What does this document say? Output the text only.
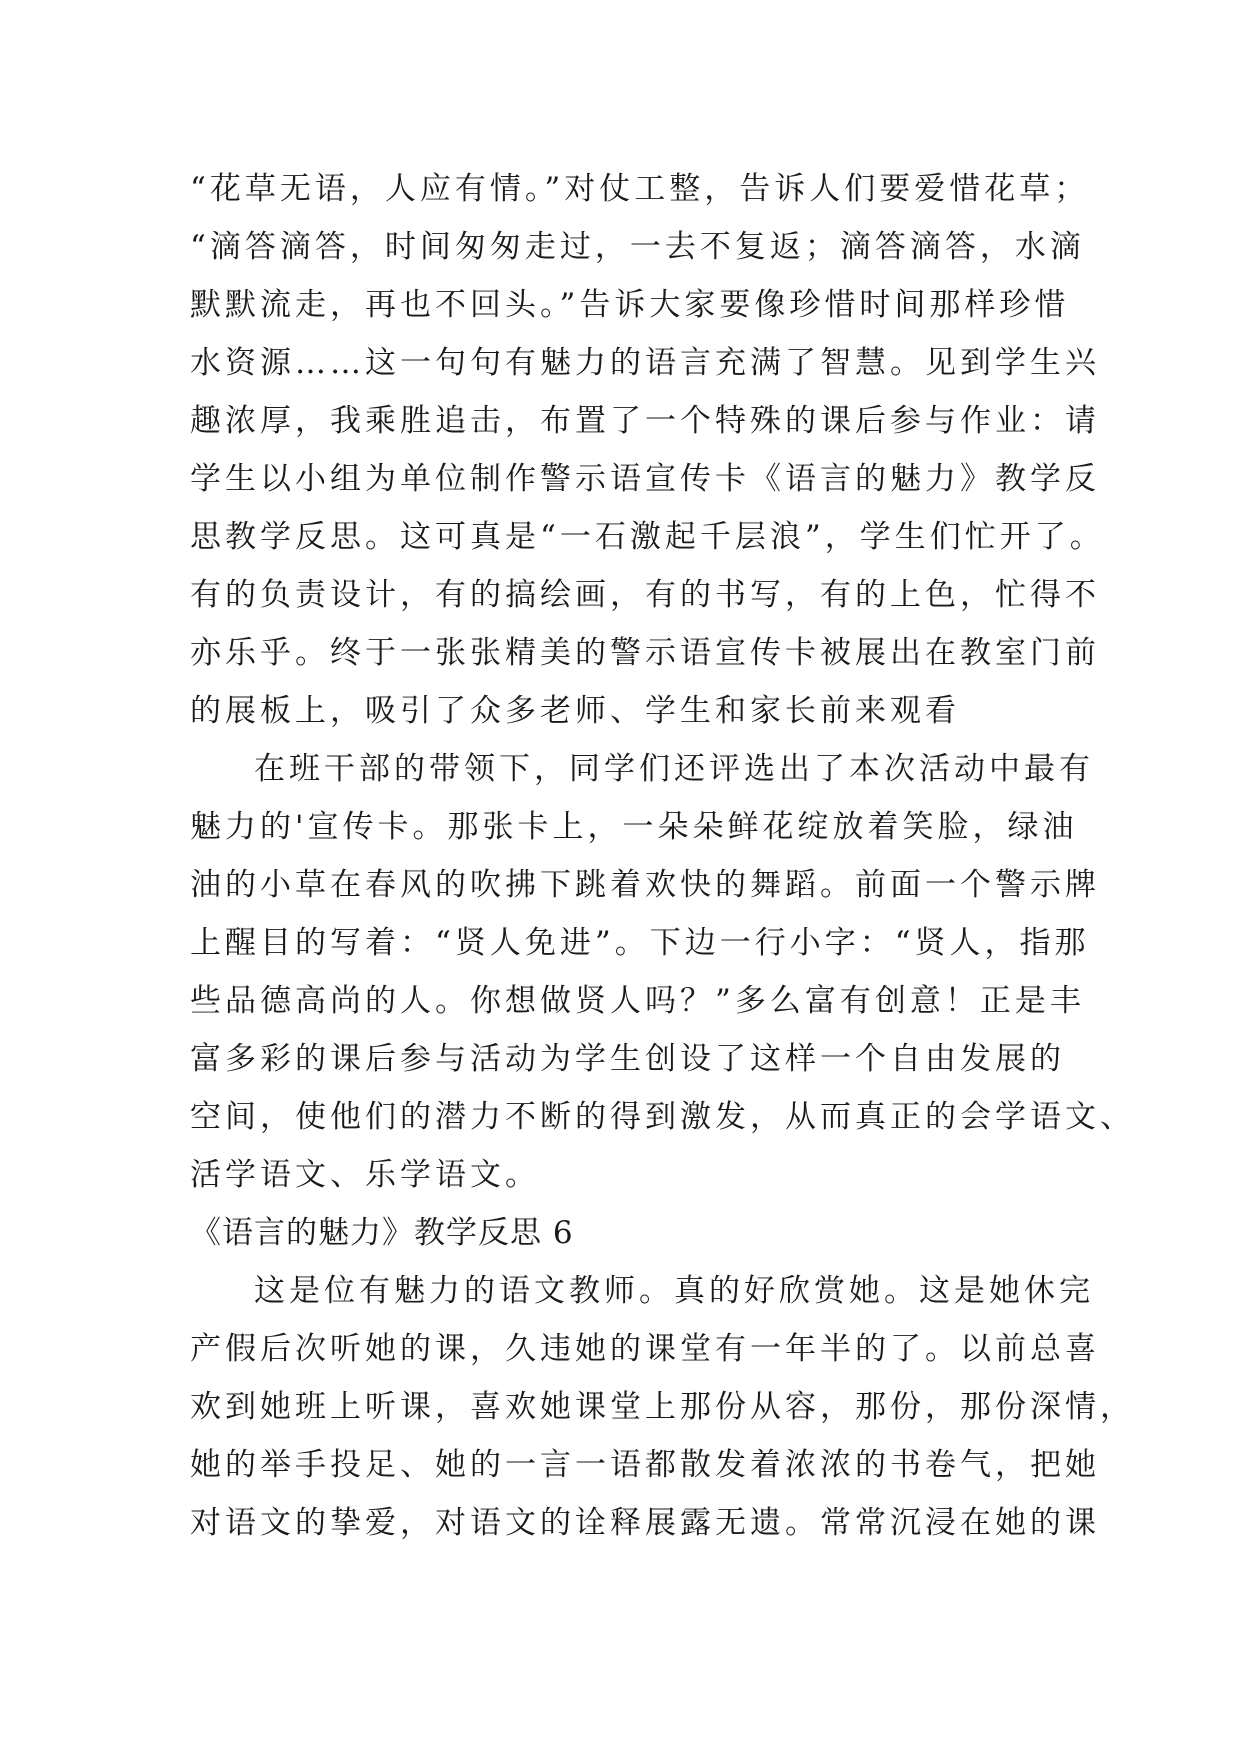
“花草无语，人应有情。”对仗工整，告诉人们要爱惜花草；
“滴答滴答，时间匆匆走过，一去不复返；滴答滴答，水滴
默默流走，再也不回头。”告诉大家要像珍惜时间那样珍惜
水资源……这一句句有魅力的语言充满了智慧。见到学生兴
趣浓厚，我乘胜追击，布置了一个特殊的课后参与作业：请
学生以小组为单位制作警示语宣传卡《语言的魅力》教学反
思教学反思。这可真是“一石激起千层浪”，学生们忙开了。
有的负责设计，有的搞绘画，有的书写，有的上色，忙得不
亦乐乎。终于一张张精美的警示语宣传卡被展出在教室门前
的展板上，吸引了众多老师、学生和家长前来观看
在班干部的带领下，同学们还评选出了本次活动中最有
魅力的'宣传卡。那张卡上，一朵朵鲜花绽放着笑脸，绿油
油的小草在春风的吹拂下跳着欢快的舞蹈。前面一个警示牌
上醒目的写着：“贤人免进”。下边一行小字：“贤人，指那
些品德高尚的人。你想做贤人吗？”多么富有创意！正是丰
富多彩的课后参与活动为学生创设了这样一个自由发展的
空间，使他们的潜力不断的得到激发，从而真正的会学语文、
活学语文、乐学语文。
《语言的魅力》教学反思 6
这是位有魅力的语文教师。真的好欣赏她。这是她休完
产假后次听她的课，久违她的课堂有一年半的了。以前总喜
欢到她班上听课，喜欢她课堂上那份从容，那份，那份深情，
她的举手投足、她的一言一语都散发着浓浓的书卷气，把她
对语文的挚爱，对语文的诠释展露无遗。常常沉浸在她的课
